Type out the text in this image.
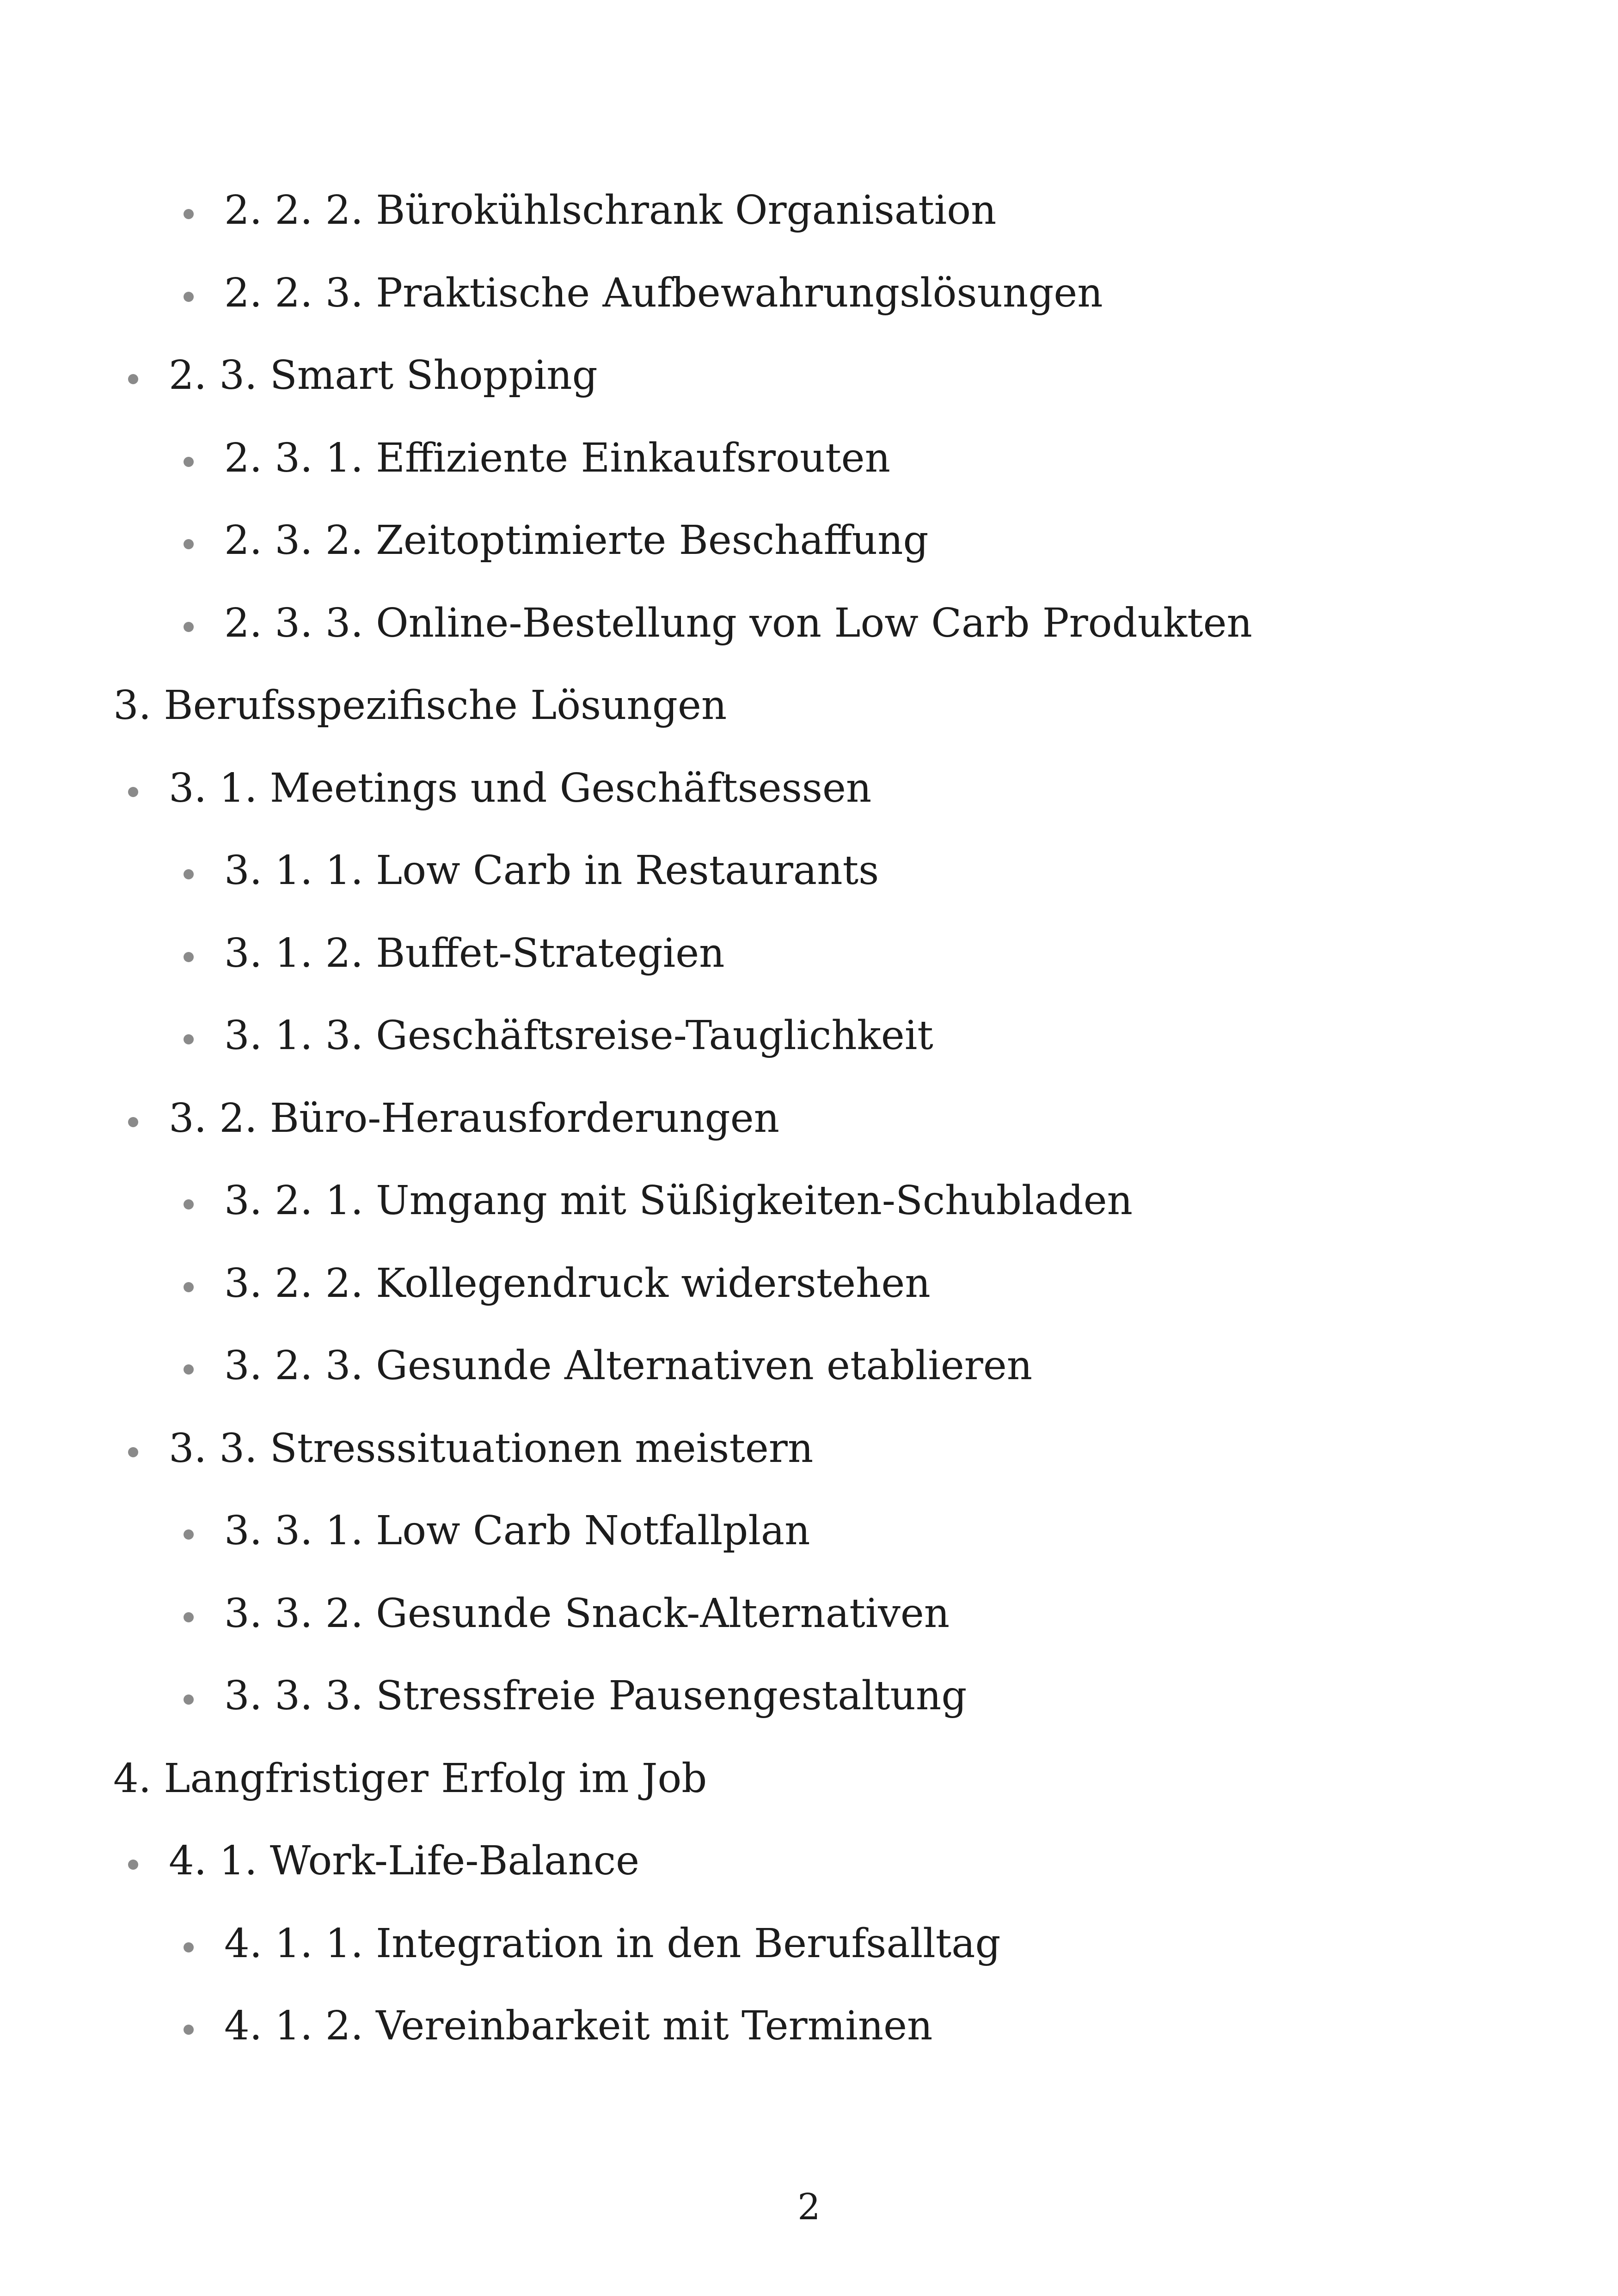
2. 2. 2. Bürokühlschrank Organisation
2. 2. 3. Praktische Aufbewahrungslösungen
2. 3. Smart Shopping
2. 3. 1. Effiziente Einkaufsrouten
2. 3. 2. Zeitoptimierte Beschaffung
2. 3. 3. Online-Bestellung von Low Carb Produkten
3. Berufsspezifische Lösungen
3. 1. Meetings und Geschäftsessen
3. 1. 1. Low Carb in Restaurants
3. 1. 2. Buffet-Strategien
3. 1. 3. Geschäftsreise-Tauglichkeit
3. 2. Büro-Herausforderungen
3. 2. 1. Umgang mit Süßigkeiten-Schubladen
3. 2. 2. Kollegendruck widerstehen
3. 2. 3. Gesunde Alternativen etablieren
3. 3. Stresssituationen meistern
3. 3. 1. Low Carb Notfallplan
3. 3. 2. Gesunde Snack-Alternativen
3. 3. 3. Stressfreie Pausengestaltung
4. Langfristiger Erfolg im Job
4. 1. Work-Life-Balance
4. 1. 1. Integration in den Berufsalltag
4. 1. 2. Vereinbarkeit mit Terminen
2
